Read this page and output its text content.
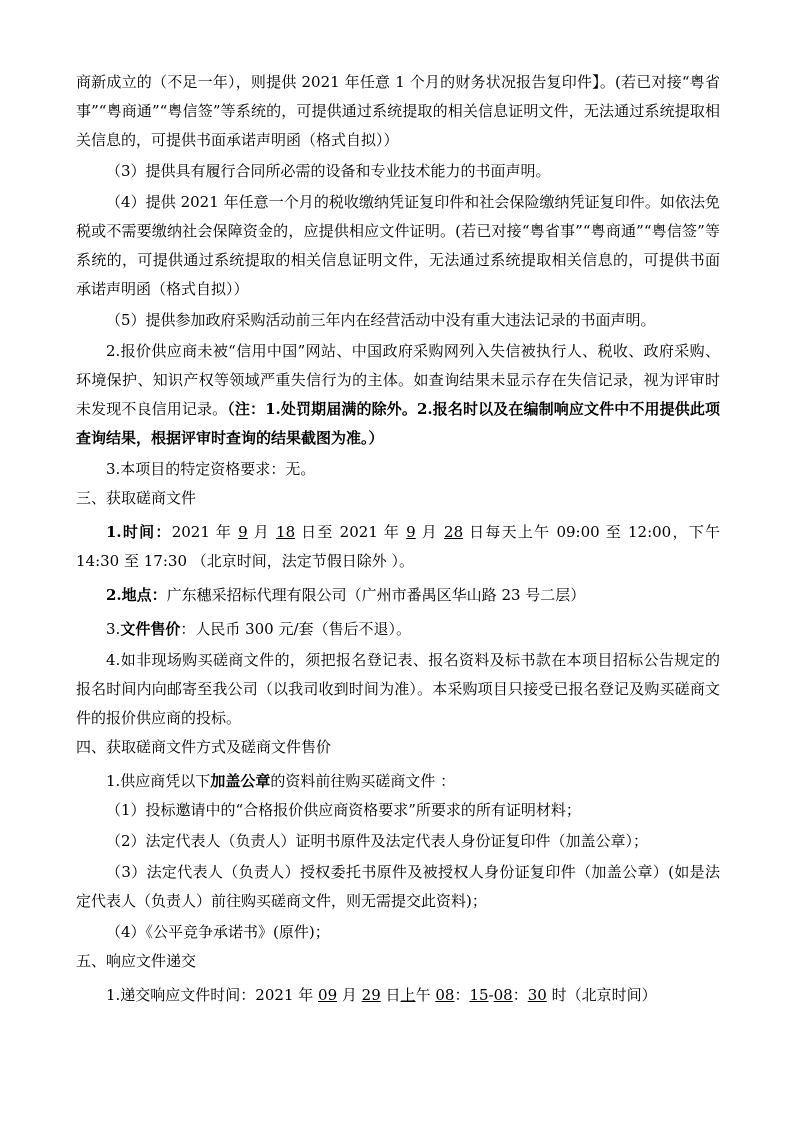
商新成立的（不足一年），则提供 2021 年任意 1 个月的财务状况报告复印件】。(若已对接“粤省事”“粤商通”“粤信签”等系统的，可提供通过系统提取的相关信息证明文件，无法通过系统提取相关信息的，可提供书面承诺声明函（格式自拟））

（3）提供具有履行合同所必需的设备和专业技术能力的书面声明。

（4）提供 2021 年任意一个月的税收缴纳凭证复印件和社会保险缴纳凭证复印件。如依法免税或不需要缴纳社会保障资金的，应提供相应文件证明。(若已对接“粤省事”“粤商通”“粤信签”等系统的，可提供通过系统提取的相关信息证明文件，无法通过系统提取相关信息的，可提供书面承诺声明函（格式自拟））

（5）提供参加政府采购活动前三年内在经营活动中没有重大违法记录的书面声明。

2.报价供应商未被“信用中国”网站、中国政府采购网列入失信被执行人、税收、政府采购、环境保护、知识产权等领域严重失信行为的主体。如查询结果未显示存在失信记录，视为评审时未发现不良信用记录。（注：1.处罚期届满的除外。2.报名时以及在编制响应文件中不用提供此项查询结果，根据评审时查询的结果截图为准。）

3.本项目的特定资格要求：无。

三、获取磋商文件

1.时间：2021 年 9 月 18 日至 2021 年 9 月 28 日每天上午 09:00 至 12:00，下午 14:30 至 17:30 （北京时间，法定节假日除外 ）。

2.地点：广东穗采招标代理有限公司（广州市番禺区华山路 23 号二层）

3.文件售价：人民币 300 元/套（售后不退）。

4.如非现场购买磋商文件的，须把报名登记表、报名资料及标书款在本项目招标公告规定的报名时间内向邮寄至我公司（以我司收到时间为准）。本采购项目只接受已报名登记及购买磋商文件的报价供应商的投标。

四、获取磋商文件方式及磋商文件售价

1.供应商凭以下加盖公章的资料前往购买磋商文件 ：

（1）投标邀请中的“合格报价供应商资格要求”所要求的所有证明材料；

（2）法定代表人（负责人）证明书原件及法定代表人身份证复印件（加盖公章）；

（3）法定代表人（负责人）授权委托书原件及被授权人身份证复印件（加盖公章）(如是法定代表人（负责人）前往购买磋商文件，则无需提交此资料)；

（4）《公平竞争承诺书》(原件)；

五、响应文件递交

1.递交响应文件时间：2021 年 09 月 29 日上午 08：15-08：30 时（北京时间）
